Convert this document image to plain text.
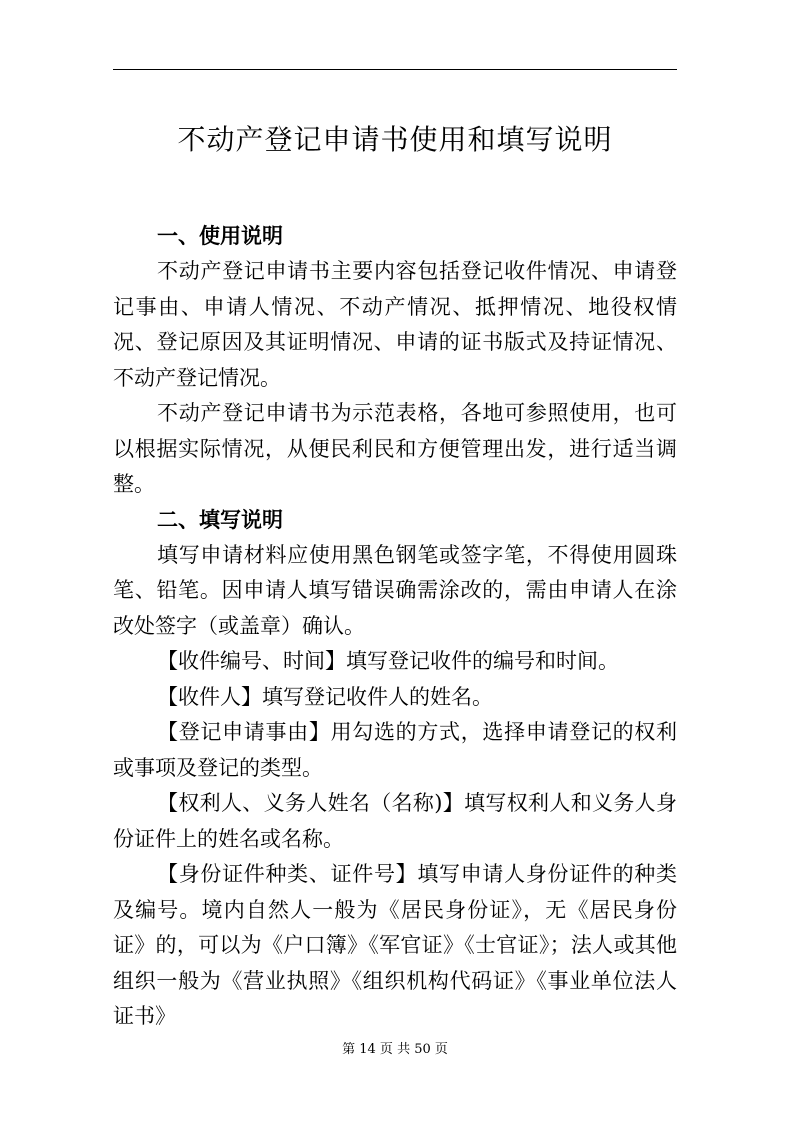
不动产登记申请书使用和填写说明

一、使用说明

不动产登记申请书主要内容包括登记收件情况、申请登记事由、申请人情况、不动产情况、抵押情况、地役权情况、登记原因及其证明情况、申请的证书版式及持证情况、不动产登记情况。

不动产登记申请书为示范表格，各地可参照使用，也可以根据实际情况，从便民利民和方便管理出发，进行适当调整。

二、填写说明

填写申请材料应使用黑色钢笔或签字笔，不得使用圆珠笔、铅笔。因申请人填写错误确需涂改的，需由申请人在涂改处签字（或盖章）确认。

【收件编号、时间】填写登记收件的编号和时间。

【收件人】填写登记收件人的姓名。

【登记申请事由】用勾选的方式，选择申请登记的权利或事项及登记的类型。

【权利人、义务人姓名（名称)】填写权利人和义务人身份证件上的姓名或名称。

【身份证件种类、证件号】填写申请人身份证件的种类及编号。境内自然人一般为《居民身份证》，无《居民身份证》的，可以为《户口簿》《军官证》《士官证》；法人或其他组织一般为《营业执照》《组织机构代码证》《事业单位法人证书》

第 14 页 共 50 页
